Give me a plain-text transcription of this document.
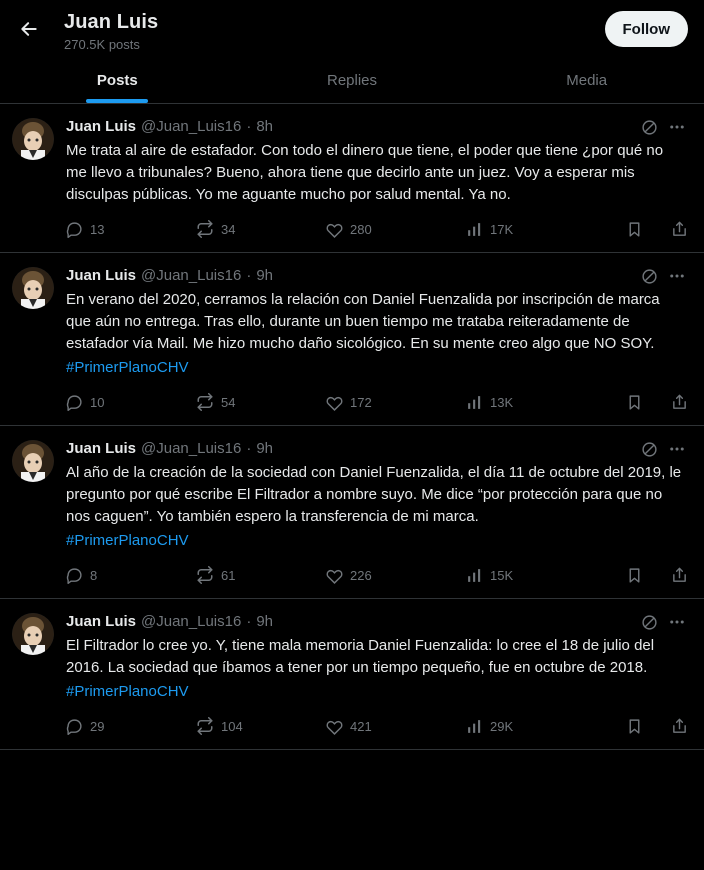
Juan Luis
270.5K posts
Follow
Posts	Replies	Media
Juan Luis @Juan_Luis16 · 8h
Me trata al aire de estafador. Con todo el dinero que tiene, el poder que tiene ¿por qué no me llevo a tribunales? Bueno, ahora tiene que decirlo ante un juez. Voy a esperar mis disculpas públicas. Yo me aguante mucho por salud mental. Ya no.
13	34	280	17K
Juan Luis @Juan_Luis16 · 9h
En verano del 2020, cerramos la relación con Daniel Fuenzalida por inscripción de marca que aún no entrega. Tras ello, durante un buen tiempo me trataba reiteradamente de estafador vía Mail. Me hizo mucho daño sicológico. En su mente creo algo que NO SOY.
#PrimerPlanoCHV
10	54	172	13K
Juan Luis @Juan_Luis16 · 9h
Al año de la creación de la sociedad con Daniel Fuenzalida, el día 11 de octubre del 2019, le pregunto por qué escribe El Filtrador a nombre suyo. Me dice “por protección para que no nos caguen”. Yo también espero la transferencia de mi marca.
#PrimerPlanoCHV
8	61	226	15K
Juan Luis @Juan_Luis16 · 9h
El Filtrador lo cree yo. Y, tiene mala memoria Daniel Fuenzalida: lo cree el 18 de julio del 2016. La sociedad que íbamos a tener por un tiempo pequeño, fue en octubre de 2018.
#PrimerPlanoCHV
29	104	421	29K
